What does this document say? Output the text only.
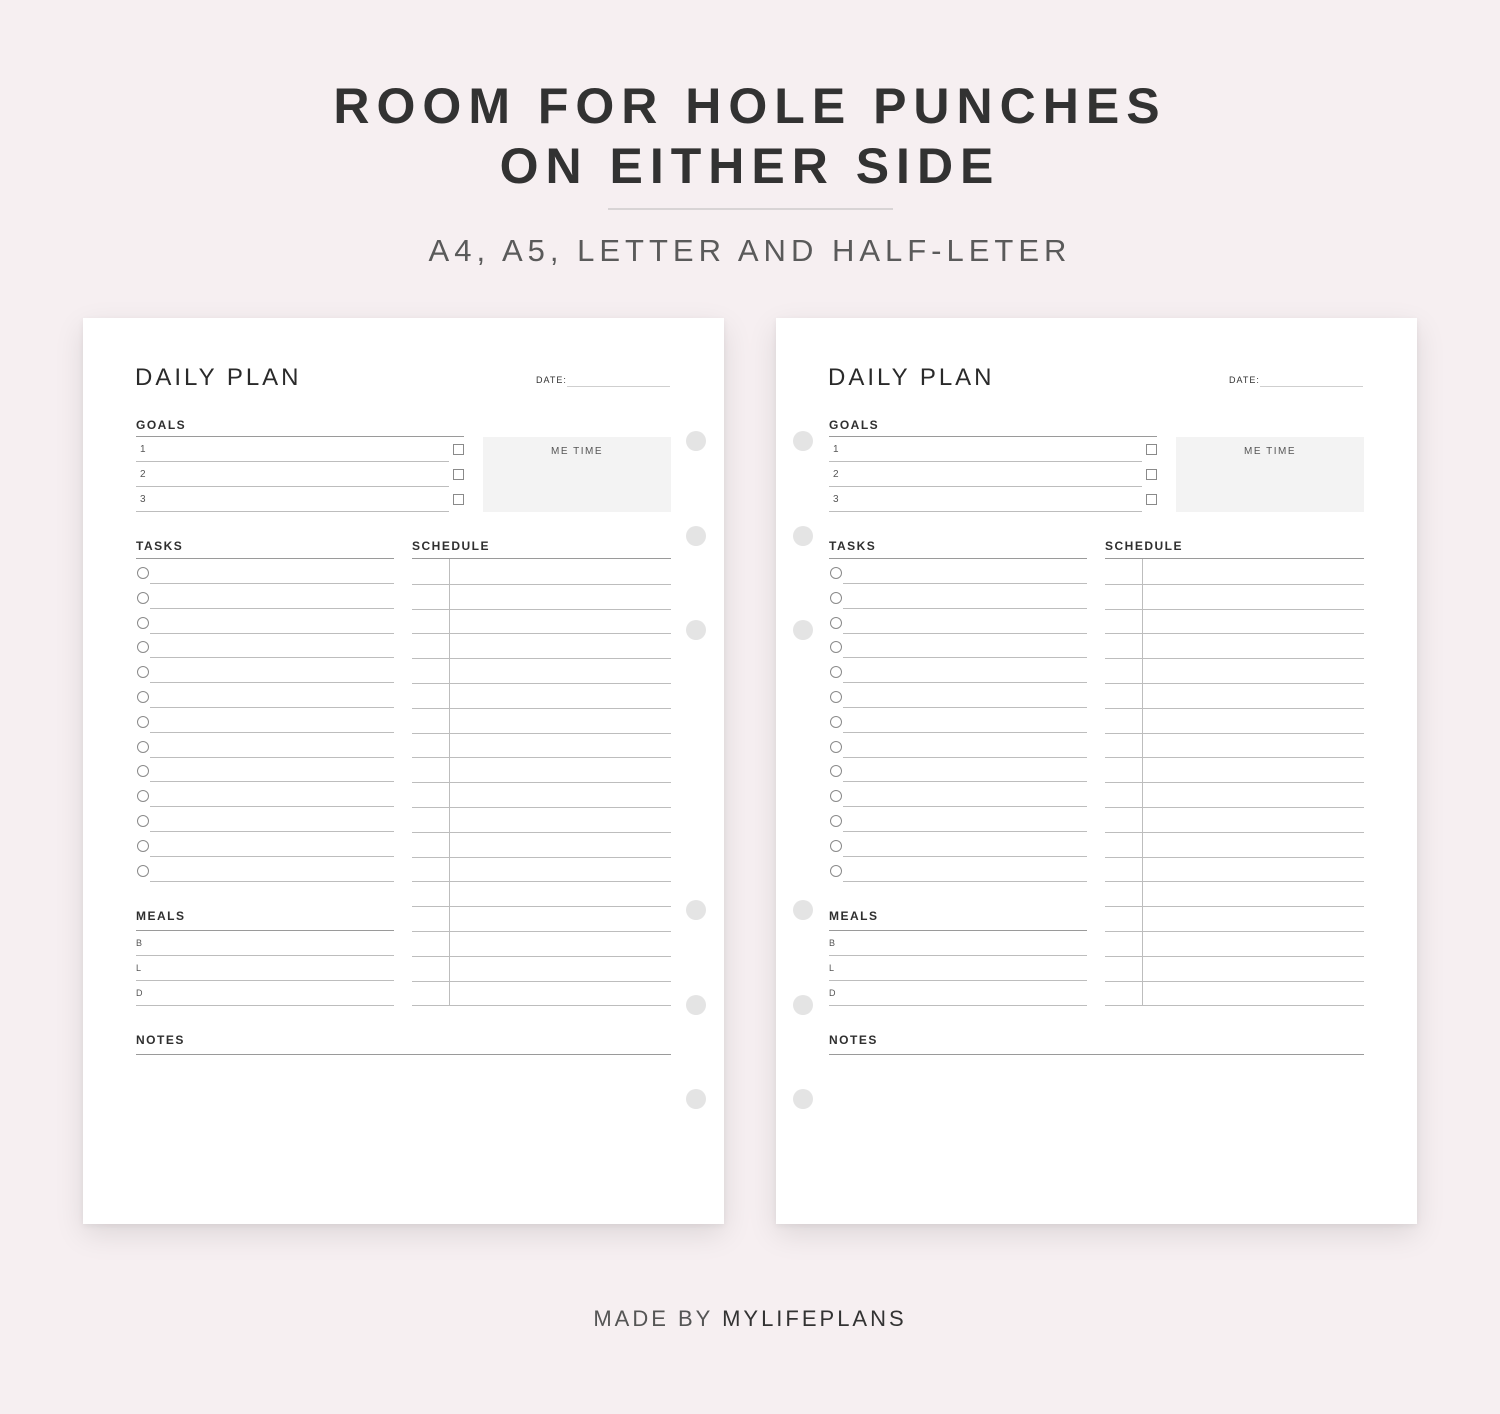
ROOM FOR HOLE PUNCHES
ON EITHER SIDE
A4, A5, LETTER AND HALF-LETER
DAILY PLAN	DATE:
GOALS
1
2
3
ME TIME
TASKS	SCHEDULE
MEALS
B
L
D
NOTES
DAILY PLAN	DATE:
GOALS
1
2
3
ME TIME
TASKS	SCHEDULE
MEALS
B
L
D
NOTES
MADE BY MYLIFEPLANS
